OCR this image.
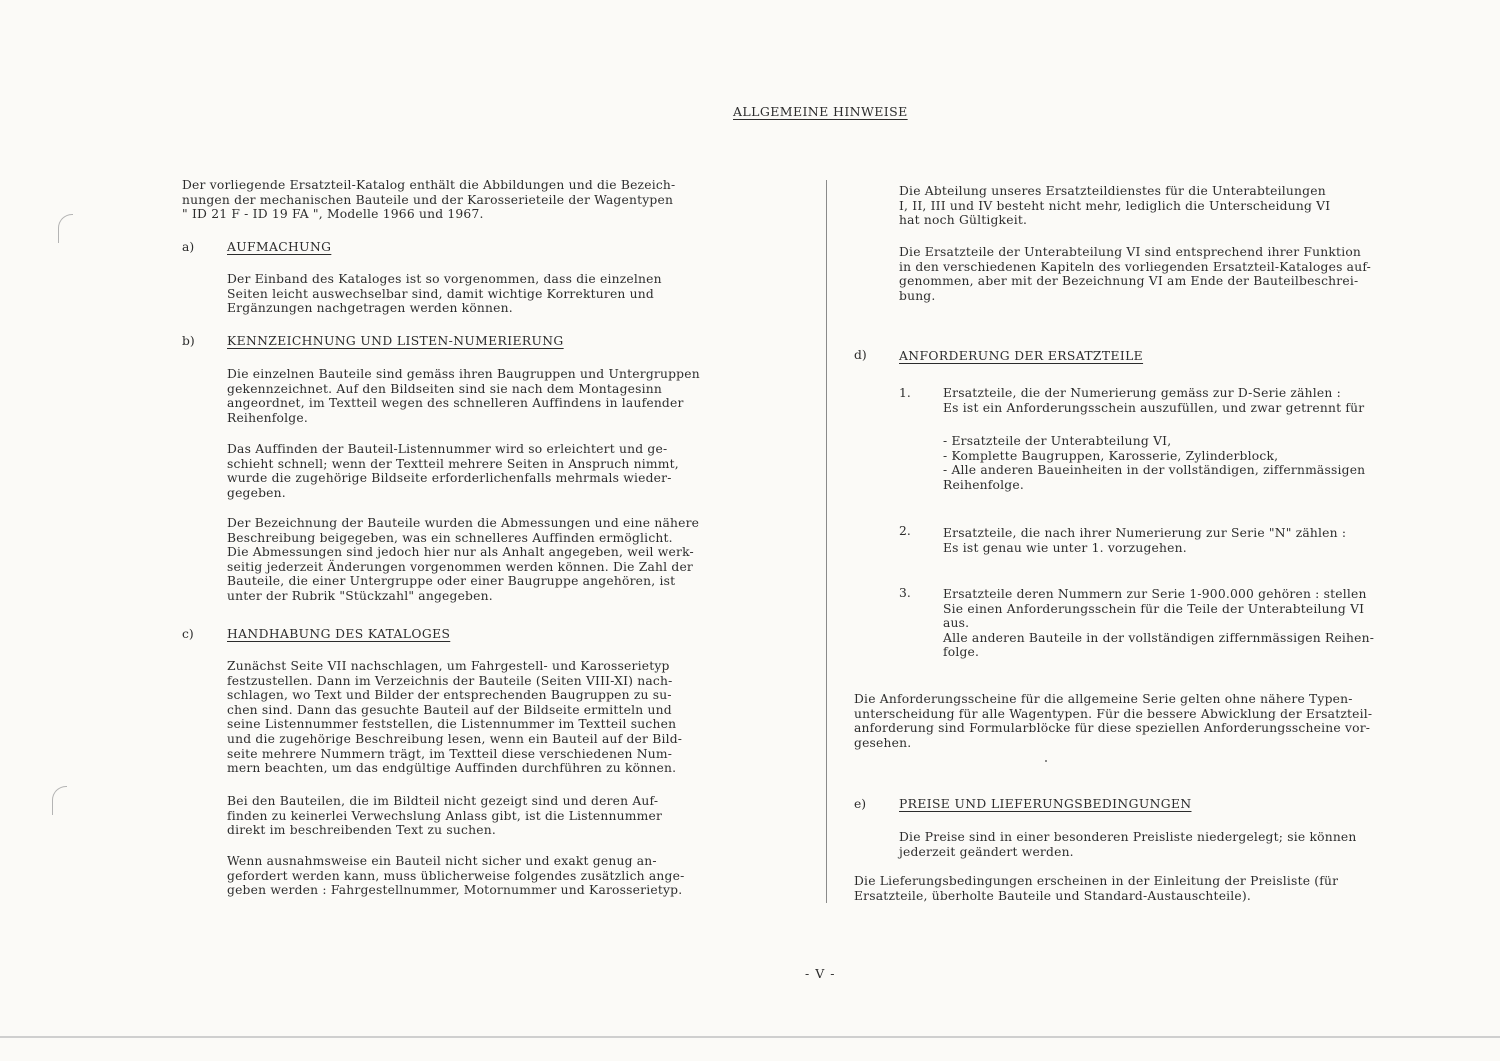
ALLGEMEINE HINWEISE

Der vorliegende Ersatzteil-Katalog enthält die Abbildungen und die Bezeich-
nungen der mechanischen Bauteile und der Karosserieteile der Wagentypen
" ID 21 F - ID 19 FA ", Modelle 1966 und 1967.

a)	AUFMACHUNG

Der Einband des Kataloges ist so vorgenommen, dass die einzelnen
Seiten leicht auswechselbar sind, damit wichtige Korrekturen und
Ergänzungen nachgetragen werden können.

b)	KENNZEICHNUNG UND LISTEN-NUMERIERUNG

Die einzelnen Bauteile sind gemäss ihren Baugruppen und Untergruppen
gekennzeichnet. Auf den Bildseiten sind sie nach dem Montagesinn
angeordnet, im Textteil wegen des schnelleren Auffindens in laufender
Reihenfolge.

Das Auffinden der Bauteil-Listennummer wird so erleichtert und ge-
schieht schnell; wenn der Textteil mehrere Seiten in Anspruch nimmt,
wurde die zugehörige Bildseite erforderlichenfalls mehrmals wieder-
gegeben.

Der Bezeichnung der Bauteile wurden die Abmessungen und eine nähere
Beschreibung beigegeben, was ein schnelleres Auffinden ermöglicht.
Die Abmessungen sind jedoch hier nur als Anhalt angegeben, weil werk-
seitig jederzeit Änderungen vorgenommen werden können. Die Zahl der
Bauteile, die einer Untergruppe oder einer Baugruppe angehören, ist
unter der Rubrik "Stückzahl" angegeben.

c)	HANDHABUNG DES KATALOGES

Zunächst Seite VII nachschlagen, um Fahrgestell- und Karosserietyp
festzustellen. Dann im Verzeichnis der Bauteile (Seiten VIII-XI) nach-
schlagen, wo Text und Bilder der entsprechenden Baugruppen zu su-
chen sind. Dann das gesuchte Bauteil auf der Bildseite ermitteln und
seine Listennummer feststellen, die Listennummer im Textteil suchen
und die zugehörige Beschreibung lesen, wenn ein Bauteil auf der Bild-
seite mehrere Nummern trägt, im Textteil diese verschiedenen Num-
mern beachten, um das endgültige Auffinden durchführen zu können.

Bei den Bauteilen, die im Bildteil nicht gezeigt sind und deren Auf-
finden zu keinerlei Verwechslung Anlass gibt, ist die Listennummer
direkt im beschreibenden Text zu suchen.

Wenn ausnahmsweise ein Bauteil nicht sicher und exakt genug an-
gefordert werden kann, muss üblicherweise folgendes zusätzlich ange-
geben werden : Fahrgestellnummer, Motornummer und Karosserietyp.

Die Abteilung unseres Ersatzteildienstes für die Unterabteilungen
I, II, III und IV besteht nicht mehr, lediglich die Unterscheidung VI
hat noch Gültigkeit.

Die Ersatzteile der Unterabteilung VI sind entsprechend ihrer Funktion
in den verschiedenen Kapiteln des vorliegenden Ersatzteil-Kataloges auf-
genommen, aber mit der Bezeichnung VI am Ende der Bauteilbeschrei-
bung.

d)	ANFORDERUNG DER ERSATZTEILE
1.	Ersatzteile, die der Numerierung gemäss zur D-Serie zählen :
Es ist ein Anforderungsschein auszufüllen, und zwar getrennt für

- Ersatzteile der Unterabteilung VI,
- Komplette Baugruppen, Karosserie, Zylinderblock,
- Alle anderen Baueinheiten in der vollständigen, ziffernmässigen
Reihenfolge.

2.	Ersatzteile, die nach ihrer Numerierung zur Serie "N" zählen :
Es ist genau wie unter 1. vorzugehen.

3.	Ersatzteile deren Nummern zur Serie 1-900.000 gehören : stellen
Sie einen Anforderungsschein für die Teile der Unterabteilung VI
aus.
Alle anderen Bauteile in der vollständigen ziffernmässigen Reihen-
folge.

Die Anforderungsscheine für die allgemeine Serie gelten ohne nähere Typen-
unterscheidung für alle Wagentypen. Für die bessere Abwicklung der Ersatzteil-
anforderung sind Formularblöcke für diese speziellen Anforderungsscheine vor-
gesehen.

e)	PREISE UND LIEFERUNGSBEDINGUNGEN

Die Preise sind in einer besonderen Preisliste niedergelegt; sie können
jederzeit geändert werden.

Die Lieferungsbedingungen erscheinen in der Einleitung der Preisliste (für
Ersatzteile, überholte Bauteile und Standard-Austauschteile).

- V -
